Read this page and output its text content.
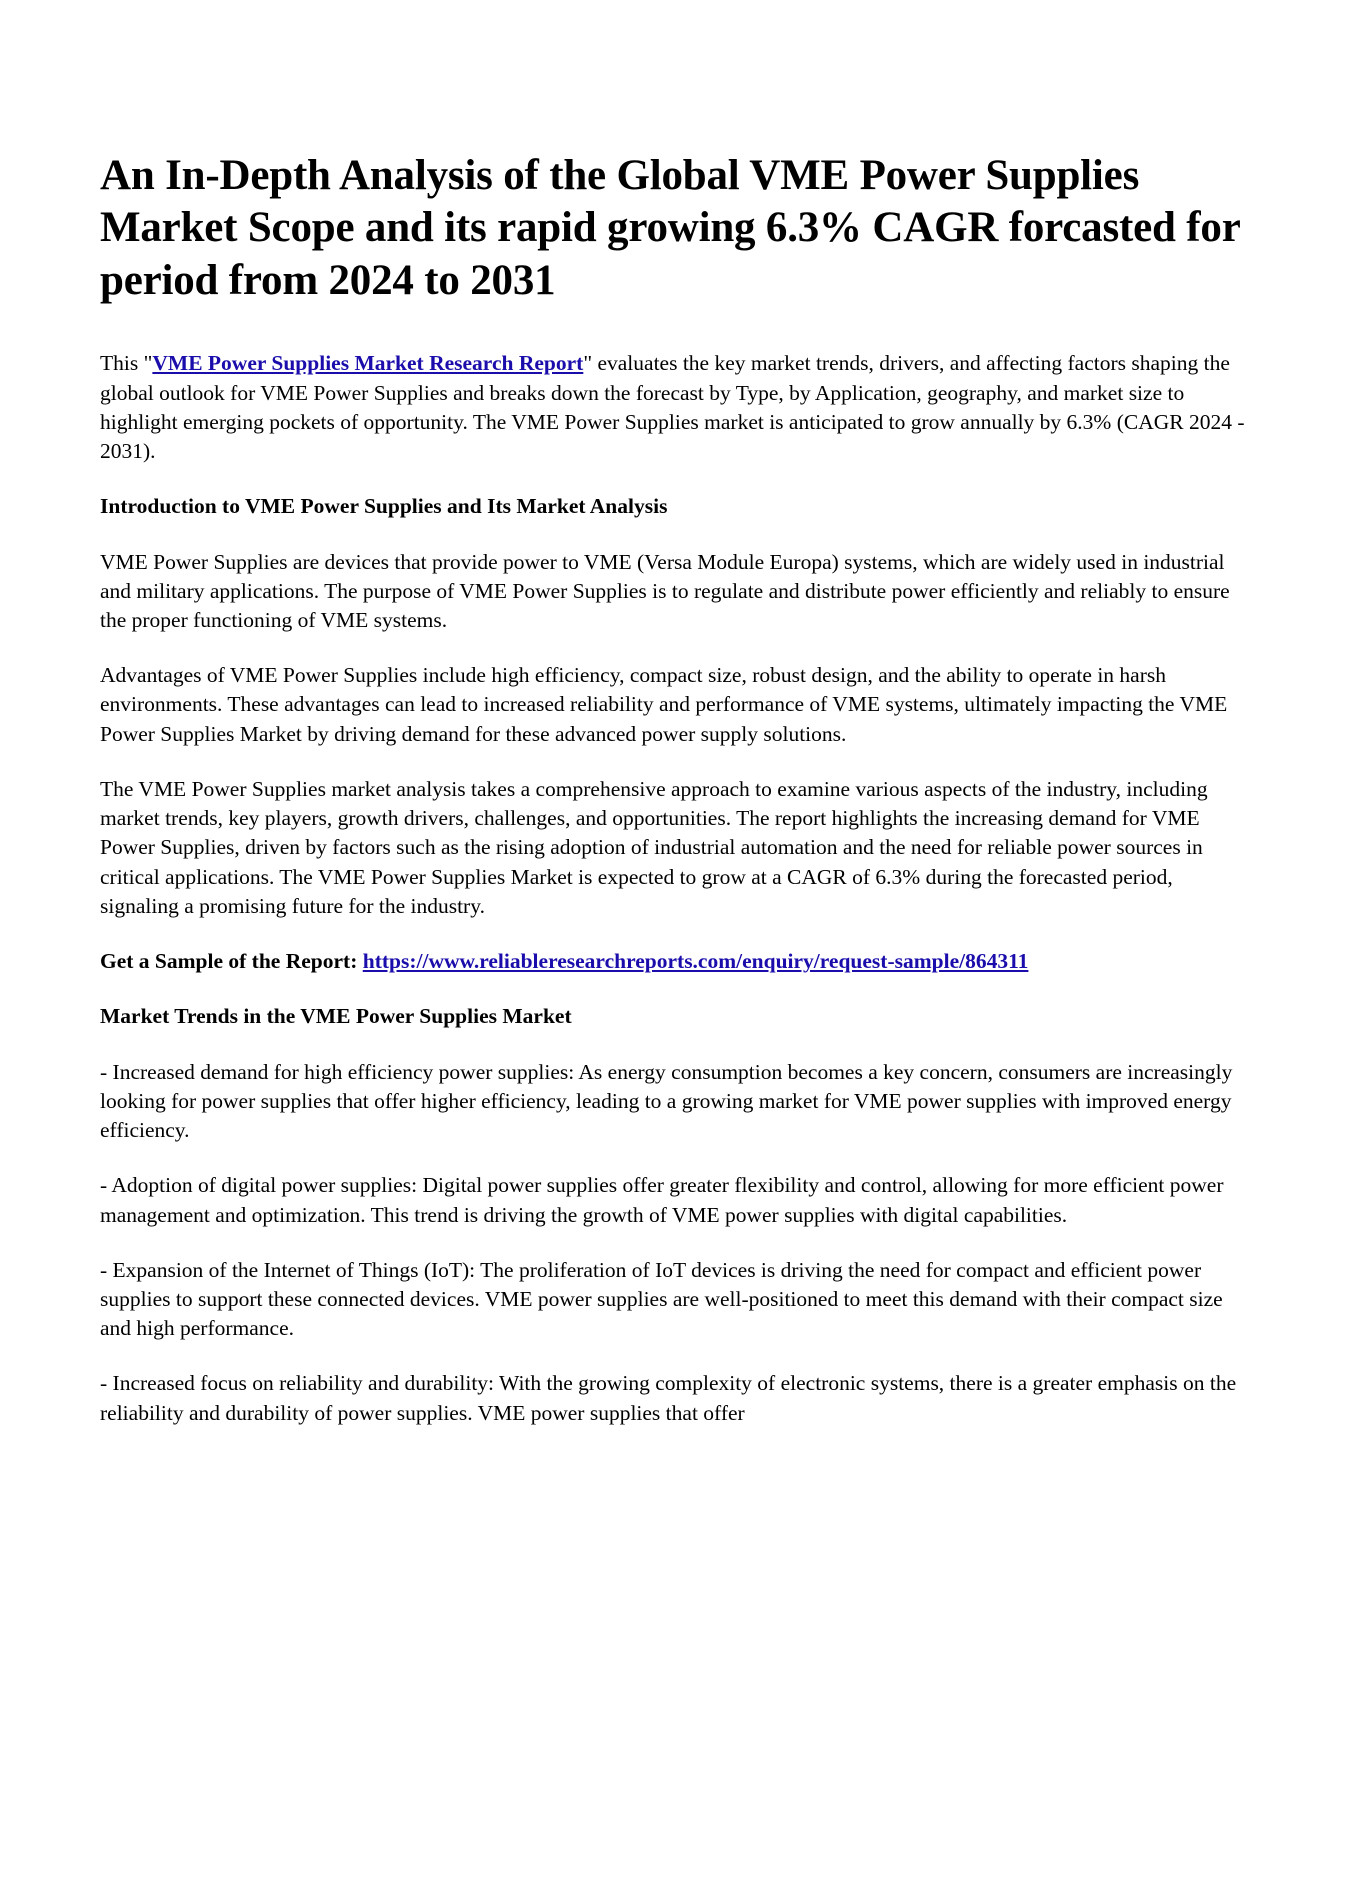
An In-Depth Analysis of the Global VME Power Supplies Market Scope and its rapid growing 6.3% CAGR forcasted for period from 2024 to 2031

This "VME Power Supplies Market Research Report" evaluates the key market trends, drivers, and affecting factors shaping the global outlook for VME Power Supplies and breaks down the forecast by Type, by Application, geography, and market size to highlight emerging pockets of opportunity. The VME Power Supplies market is anticipated to grow annually by 6.3% (CAGR 2024 - 2031).

Introduction to VME Power Supplies and Its Market Analysis

VME Power Supplies are devices that provide power to VME (Versa Module Europa) systems, which are widely used in industrial and military applications. The purpose of VME Power Supplies is to regulate and distribute power efficiently and reliably to ensure the proper functioning of VME systems.

Advantages of VME Power Supplies include high efficiency, compact size, robust design, and the ability to operate in harsh environments. These advantages can lead to increased reliability and performance of VME systems, ultimately impacting the VME Power Supplies Market by driving demand for these advanced power supply solutions.

The VME Power Supplies market analysis takes a comprehensive approach to examine various aspects of the industry, including market trends, key players, growth drivers, challenges, and opportunities. The report highlights the increasing demand for VME Power Supplies, driven by factors such as the rising adoption of industrial automation and the need for reliable power sources in critical applications. The VME Power Supplies Market is expected to grow at a CAGR of 6.3% during the forecasted period, signaling a promising future for the industry.

Get a Sample of the Report: https://www.reliableresearchreports.com/enquiry/request-sample/864311

Market Trends in the VME Power Supplies Market

- Increased demand for high efficiency power supplies: As energy consumption becomes a key concern, consumers are increasingly looking for power supplies that offer higher efficiency, leading to a growing market for VME power supplies with improved energy efficiency.

- Adoption of digital power supplies: Digital power supplies offer greater flexibility and control, allowing for more efficient power management and optimization. This trend is driving the growth of VME power supplies with digital capabilities.

- Expansion of the Internet of Things (IoT): The proliferation of IoT devices is driving the need for compact and efficient power supplies to support these connected devices. VME power supplies are well-positioned to meet this demand with their compact size and high performance.

- Increased focus on reliability and durability: With the growing complexity of electronic systems, there is a greater emphasis on the reliability and durability of power supplies. VME power supplies that offer
